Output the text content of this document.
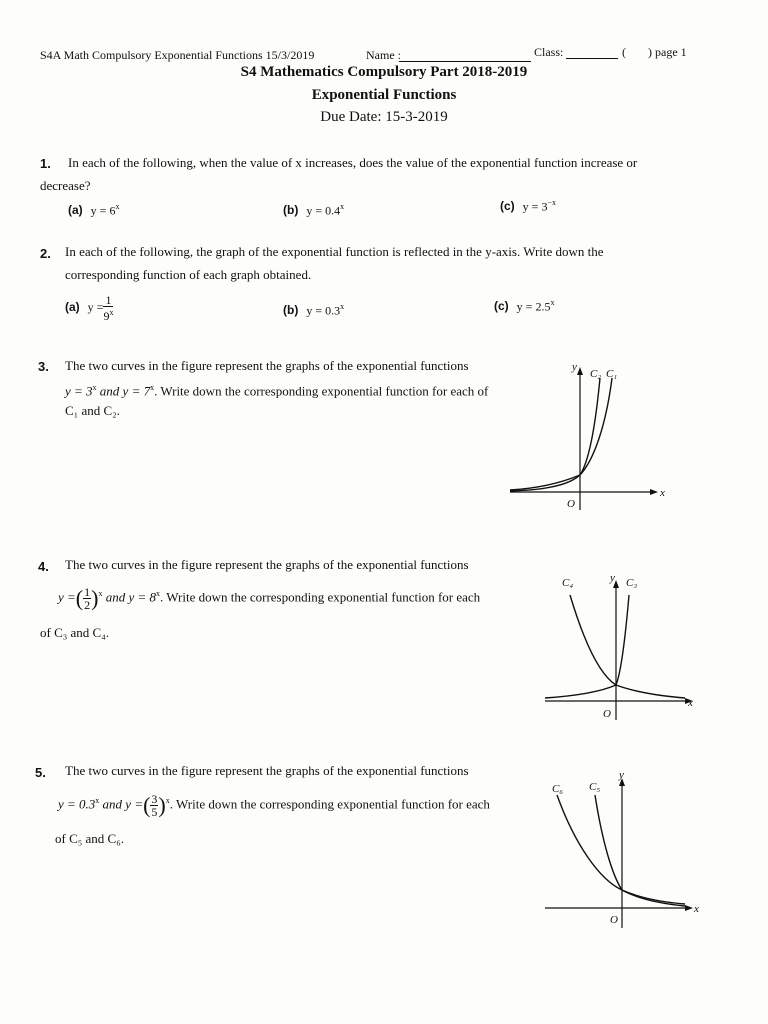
S4A Math Compulsory Exponential Functions 15/3/2019	Name :	Class:	( ) page 1
S4 Mathematics Compulsory Part 2018-2019
Exponential Functions
Due Date: 15-3-2019
1. In each of the following, when the value of x increases, does the value of the exponential function increase or
decrease?
(a) $y = 6^x$	(b) $y = 0.4^x$	(c) $y = 3^{-x}$
2. In each of the following, the graph of the exponential function is reflected in the y-axis. Write down the
corresponding function of each graph obtained.
(a) $y = \frac{1}{9^x}$	(b) $y = 0.3^x$	(c) $y = 2.5^x$
3. The two curves in the figure represent the graphs of the exponential functions
$y = 3^x$ and $y = 7^x$. Write down the corresponding exponential function for each of
C₁ and C₂.
y
x
O
C₂ C₁
4. The two curves in the figure represent the graphs of the exponential functions
y =( $\frac{1}{2} )^x$ and $y = 8^x$. Write down the corresponding exponential function for each
of C₃ and C₄.
y
x
O
C₄	C₃
5. The two curves in the figure represent the graphs of the exponential functions
$y = 0.3^x$ and y =( $\frac{3}{5} )^x$. Write down the corresponding exponential function for each
of C₅ and C₆.
y
x
O
C₆ C₅
